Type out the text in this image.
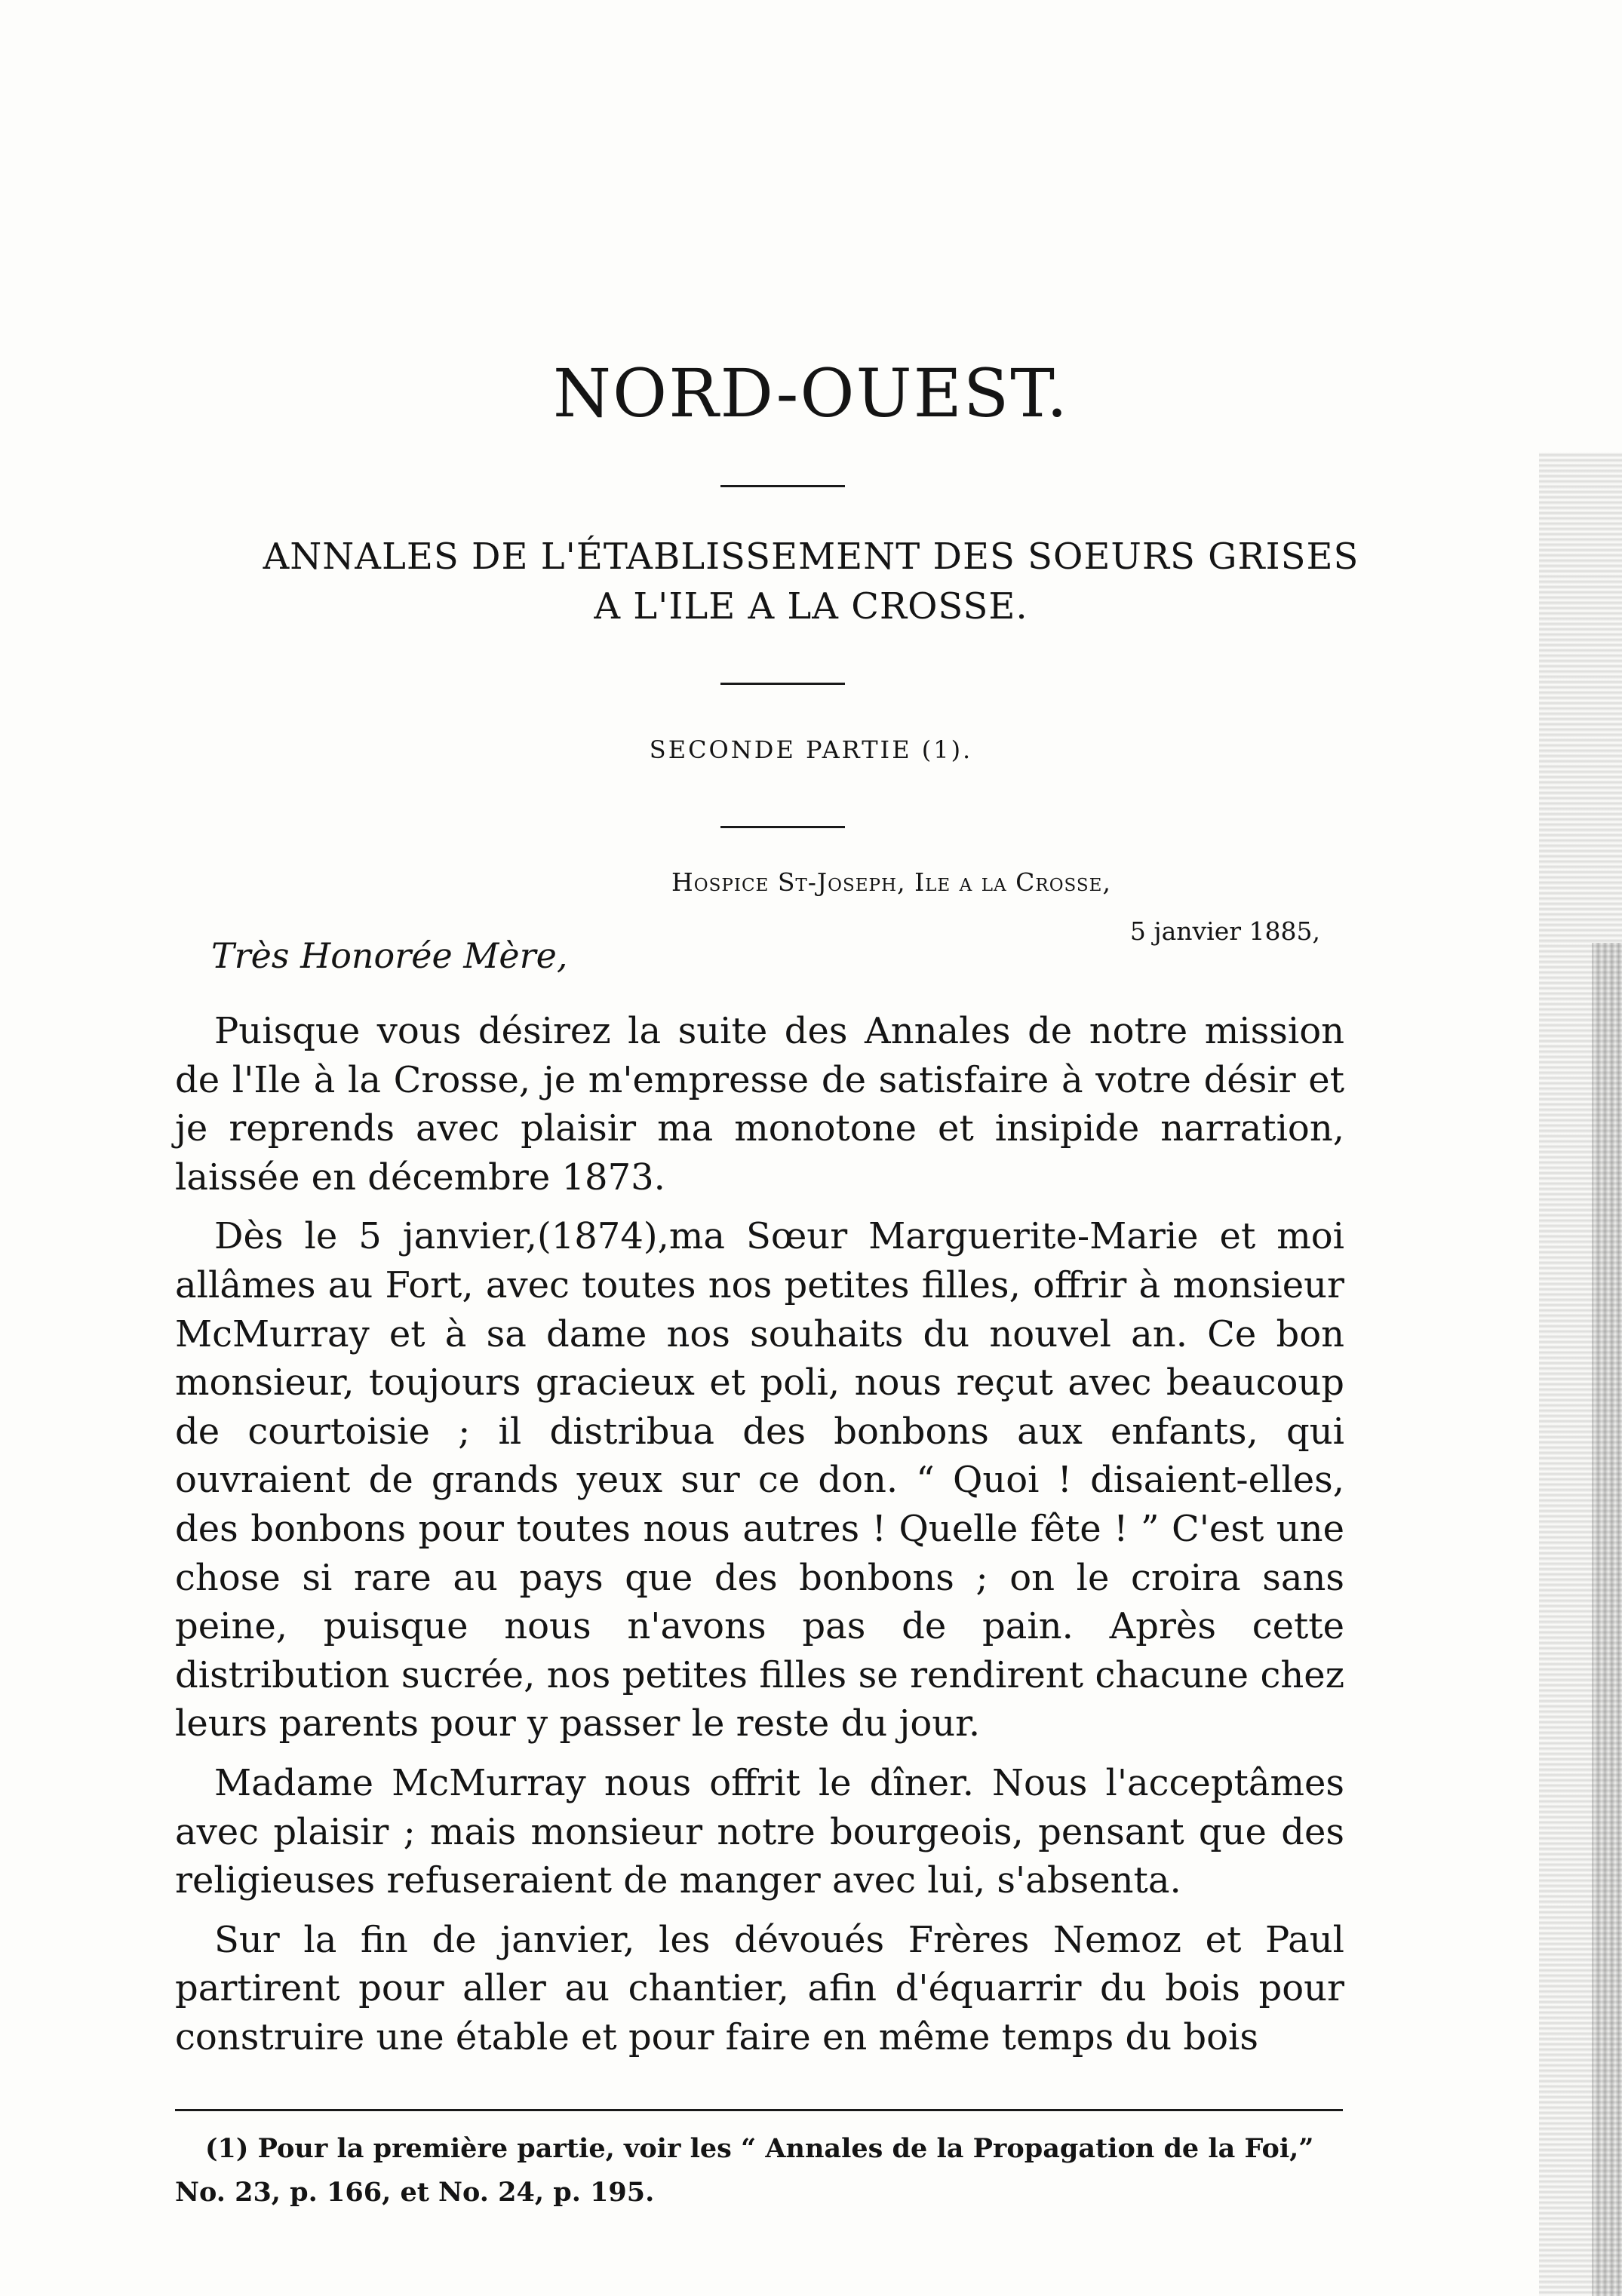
NORD-OUEST.
ANNALES DE L'ÉTABLISSEMENT DES SOEURS GRISES
A L'ILE A LA CROSSE.
SECONDE PARTIE (1).
Hospice St-Joseph, Ile a la Crosse,
5 janvier 1885,
Très Honorée Mère,

Puisque vous désirez la suite des Annales de notre mission de l'Ile à la Crosse, je m'empresse de satisfaire à votre désir et je reprends avec plaisir ma monotone et insipide narration, laissée en décembre 1873.

Dès le 5 janvier,(1874),ma Sœur Marguerite-Marie et moi allâmes au Fort, avec toutes nos petites filles, offrir à monsieur McMurray et à sa dame nos souhaits du nouvel an. Ce bon monsieur, toujours gracieux et poli, nous reçut avec beaucoup de courtoisie ; il distribua des bonbons aux enfants, qui ouvraient de grands yeux sur ce don. “ Quoi ! disaient-elles, des bonbons pour toutes nous autres ! Quelle fête ! ” C'est une chose si rare au pays que des bonbons ; on le croira sans peine, puisque nous n'avons pas de pain. Après cette distribution sucrée, nos petites filles se rendirent chacune chez leurs parents pour y passer le reste du jour.

Madame McMurray nous offrit le dîner. Nous l'acceptâmes avec plaisir ; mais monsieur notre bourgeois, pensant que des religieuses refuseraient de manger avec lui, s'absenta.

Sur la fin de janvier, les dévoués Frères Nemoz et Paul partirent pour aller au chantier, afin d'équarrir du bois pour construire une étable et pour faire en même temps du bois

(1) Pour la première partie, voir les “ Annales de la Propagation de la Foi,”
No. 23, p. 166, et No. 24, p. 195.
